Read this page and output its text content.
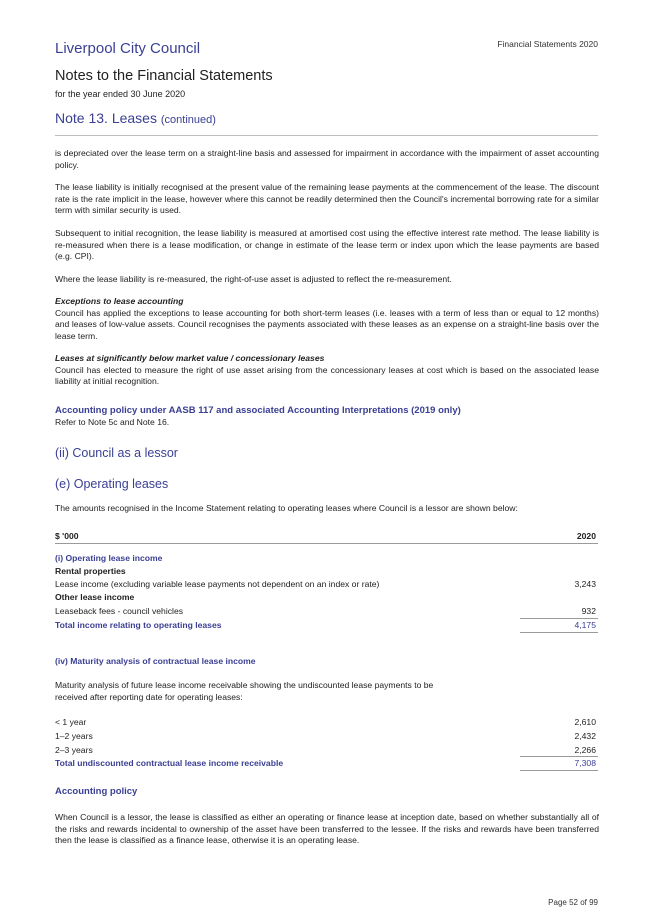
Financial Statements 2020
Liverpool City Council
Notes to the Financial Statements
for the year ended 30 June 2020
Note 13. Leases (continued)

is depreciated over the lease term on a straight-line basis and assessed for impairment in accordance with the impairment of asset accounting policy.

The lease liability is initially recognised at the present value of the remaining lease payments at the commencement of the lease. The discount rate is the rate implicit in the lease, however where this cannot be readily determined then the Council's incremental borrowing rate for a similar term with similar security is used.

Subsequent to initial recognition, the lease liability is measured at amortised cost using the effective interest rate method. The lease liability is re-measured when there is a lease modification, or change in estimate of the lease term or index upon which the lease payments are based (e.g. CPI).

Where the lease liability is re-measured, the right-of-use asset is adjusted to reflect the re-measurement.

Exceptions to lease accounting

Council has applied the exceptions to lease accounting for both short-term leases (i.e. leases with a term of less than or equal to 12 months) and leases of low-value assets. Council recognises the payments associated with these leases as an expense on a straight-line basis over the lease term.

Leases at significantly below market value / concessionary leases

Council has elected to measure the right of use asset arising from the concessionary leases at cost which is based on the associated lease liability at initial recognition.

Accounting policy under AASB 117 and associated Accounting Interpretations (2019 only)

Refer to Note 5c and Note 16.

(ii) Council as a lessor
(e) Operating leases

The amounts recognised in the Income Statement relating to operating leases where Council is a lessor are shown below:

$ '000	2020
(i) Operating lease income
Rental properties
Lease income (excluding variable lease payments not dependent on an index or rate)	3,243
Other lease income
Leaseback fees - council vehicles	932
Total income relating to operating leases	4,175
(iv) Maturity analysis of contractual lease income

Maturity analysis of future lease income receivable showing the undiscounted lease payments to be received after reporting date for operating leases:

< 1 year	2,610
1–2 years	2,432
2–3 years	2,266
Total undiscounted contractual lease income receivable	7,308
Accounting policy

When Council is a lessor, the lease is classified as either an operating or finance lease at inception date, based on whether substantially all of the risks and rewards incidental to ownership of the asset have been transferred to the lessee. If the risks and rewards have been transferred then the lease is classified as a finance lease, otherwise it is an operating lease.

Page 52 of 99
